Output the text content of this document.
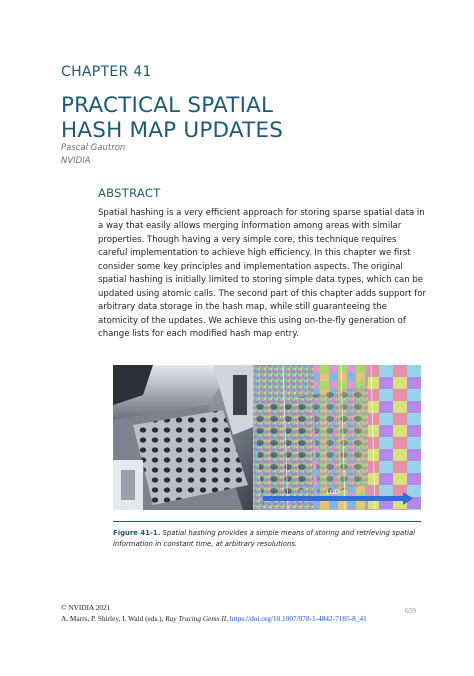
CHAPTER 41
PRACTICAL SPATIAL
HASH MAP UPDATES
Pascal Gautron
NVIDIA
ABSTRACT
Spatial hashing is a very efficient approach for storing sparse spatial data in a way that easily allows merging information among areas with similar properties. Though having a very simple core, this technique requires careful implementation to achieve high efficiency. In this chapter we first consider some key principles and implementation aspects. The original spatial hashing is initially limited to storing simple data types, which can be updated using atomic calls. The second part of this chapter adds support for arbitrary data storage in the hash map, while still guaranteeing the atomicity of the updates. We achieve this using on-the-fly generation of change lists for each modified hash map entry.
LOD
Figure 41-1. Spatial hashing provides a simple means of storing and retrieving spatial information in constant time, at arbitrary resolutions.
© NVIDIA 2021
A. Marrs, P. Shirley, I. Wald (eds.), Ray Tracing Gems II, https://doi.org/10.1007/978-1-4842-7185-8_41
659
